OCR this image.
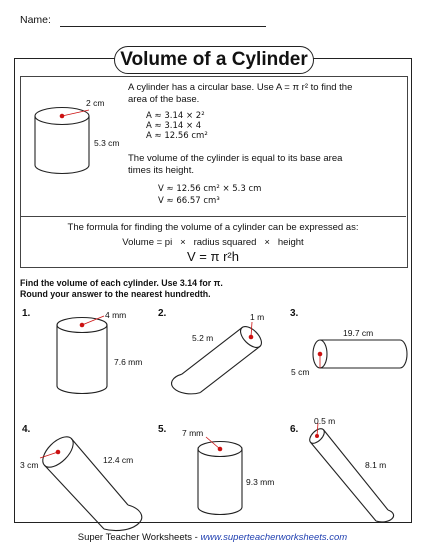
Name:
Volume of a Cylinder
2 cm
5.3 cm
A cylinder has a circular base. Use A = π r² to find the
area of the base.
A ≈ 3.14 × 2²
A ≈ 3.14 × 4
A ≈ 12.56 cm²
The volume of the cylinder is equal to its base area
times its height.
V ≈ 12.56 cm² × 5.3 cm
V ≈ 66.57 cm³
The formula for finding the volume of a cylinder can be expressed as:
Volume = pi   ×   radius squared   ×   height
V = π r²h
Find the volume of each cylinder. Use 3.14 for π.
Round your answer to the nearest hundredth.
1.	2.	3.
4.	5.	6.
4 mm
7.6 mm
1 m
5.2 m	19.7 cm
5 cm
3 cm	12.4 cm
7 mm
9.3 mm
0.5 m
8.1 m
Super Teacher Worksheets - www.superteacherworksheets.com
